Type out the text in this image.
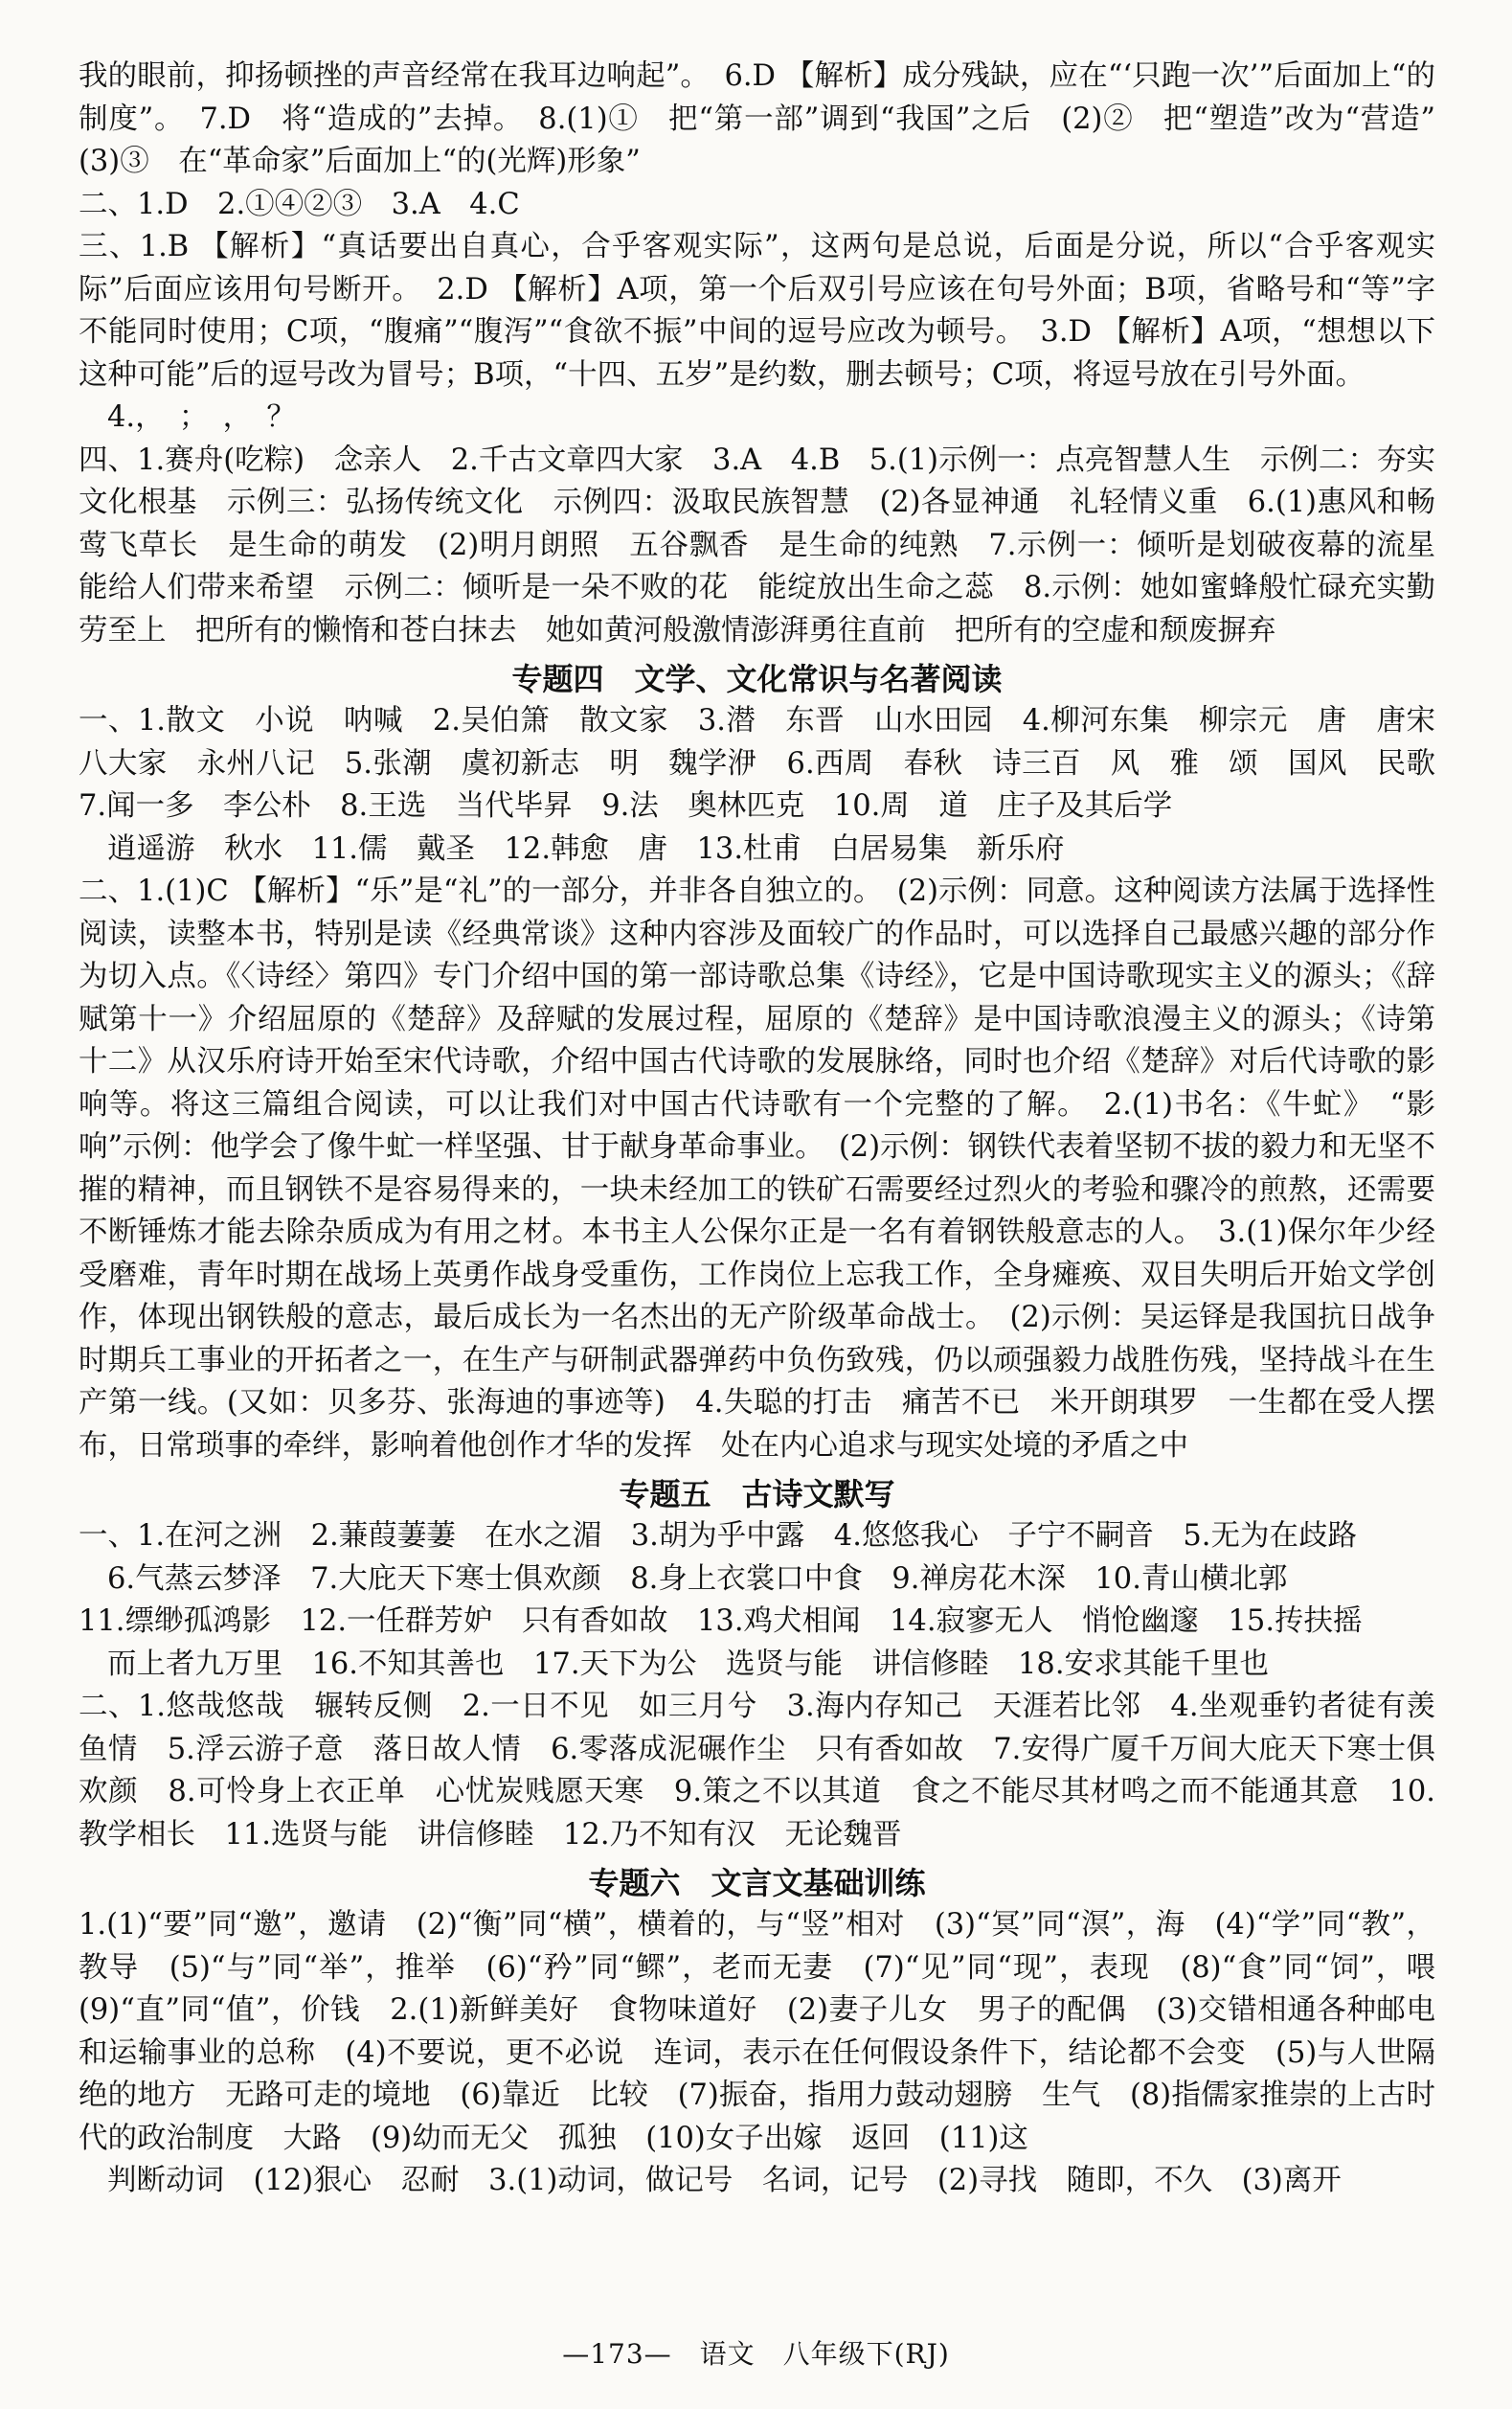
我的眼前，抑扬顿挫的声音经常在我耳边响起”。　6.D 【解析】成分残缺，应在“‘只跑一次’”后面加上“的制度”。　7.D　将“造成的”去掉。　8.(1)①　把“第一部”调到“我国”之后　(2)②　把“塑造”改为“营造”　(3)③　在“革命家”后面加上“的(光辉)形象”
二、1.D　2.①④②③　3.A　4.C
三、1.B 【解析】“真话要出自真心，合乎客观实际”，这两句是总说，后面是分说，所以“合乎客观实际”后面应该用句号断开。　2.D 【解析】A项，第一个后双引号应该在句号外面；B项，省略号和“等”字不能同时使用；C项，“腹痛”“腹泻”“食欲不振”中间的逗号应改为顿号。　3.D 【解析】A项，“想想以下这种可能”后的逗号改为冒号；B项，“十四、五岁”是约数，删去顿号；C项，将逗号放在引号外面。
4.，　；　，　？
四、1.赛舟(吃粽)　念亲人　2.千古文章四大家　3.A　4.B　5.(1)示例一：点亮智慧人生　示例二：夯实文化根基　示例三：弘扬传统文化　示例四：汲取民族智慧　(2)各显神通　礼轻情义重　6.(1)惠风和畅　莺飞草长　是生命的萌发　(2)明月朗照　五谷飘香　是生命的纯熟　7.示例一：倾听是划破夜幕的流星　能给人们带来希望　示例二：倾听是一朵不败的花　能绽放出生命之蕊　8.示例：她如蜜蜂般忙碌充实勤劳至上　把所有的懒惰和苍白抹去　她如黄河般激情澎湃勇往直前　把所有的空虚和颓废摒弃
专题四　文学、文化常识与名著阅读
一、1.散文　小说　呐喊　2.吴伯箫　散文家　3.潜　东晋　山水田园　4.柳河东集　柳宗元　唐　唐宋八大家　永州八记　5.张潮　虞初新志　明　魏学洢　6.西周　春秋　诗三百　风　雅　颂　国风　民歌　7.闻一多　李公朴　8.王选　当代毕昇　9.法　奥林匹克　10.周　道　庄子及其后学
逍遥游　秋水　11.儒　戴圣　12.韩愈　唐　13.杜甫　白居易集　新乐府
二、1.(1)C 【解析】“乐”是“礼”的一部分，并非各自独立的。　(2)示例：同意。这种阅读方法属于选择性阅读，读整本书，特别是读《经典常谈》这种内容涉及面较广的作品时，可以选择自己最感兴趣的部分作为切入点。《〈诗经〉第四》专门介绍中国的第一部诗歌总集《诗经》，它是中国诗歌现实主义的源头；《辞赋第十一》介绍屈原的《楚辞》及辞赋的发展过程，屈原的《楚辞》是中国诗歌浪漫主义的源头；《诗第十二》从汉乐府诗开始至宋代诗歌，介绍中国古代诗歌的发展脉络，同时也介绍《楚辞》对后代诗歌的影响等。将这三篇组合阅读，可以让我们对中国古代诗歌有一个完整的了解。　2.(1)书名：《牛虻》　“影响”示例：他学会了像牛虻一样坚强、甘于献身革命事业。　(2)示例：钢铁代表着坚韧不拔的毅力和无坚不摧的精神，而且钢铁不是容易得来的，一块未经加工的铁矿石需要经过烈火的考验和骤冷的煎熬，还需要不断锤炼才能去除杂质成为有用之材。本书主人公保尔正是一名有着钢铁般意志的人。　3.(1)保尔年少经受磨难，青年时期在战场上英勇作战身受重伤，工作岗位上忘我工作，全身瘫痪、双目失明后开始文学创作，体现出钢铁般的意志，最后成长为一名杰出的无产阶级革命战士。　(2)示例：吴运铎是我国抗日战争时期兵工事业的开拓者之一，在生产与研制武器弹药中负伤致残，仍以顽强毅力战胜伤残，坚持战斗在生产第一线。(又如：贝多芬、张海迪的事迹等)　4.失聪的打击　痛苦不已　米开朗琪罗　一生都在受人摆布，日常琐事的牵绊，影响着他创作才华的发挥　处在内心追求与现实处境的矛盾之中
专题五　古诗文默写
一、1.在河之洲　2.蒹葭萋萋　在水之湄　3.胡为乎中露　4.悠悠我心　子宁不嗣音　5.无为在歧路
6.气蒸云梦泽　7.大庇天下寒士俱欢颜　8.身上衣裳口中食　9.禅房花木深　10.青山横北郭
11.缥缈孤鸿影　12.一任群芳妒　只有香如故　13.鸡犬相闻　14.寂寥无人　悄怆幽邃　15.抟扶摇
而上者九万里　16.不知其善也　17.天下为公　选贤与能　讲信修睦　18.安求其能千里也
二、1.悠哉悠哉　辗转反侧　2.一日不见　如三月兮　3.海内存知己　天涯若比邻　4.坐观垂钓者徒有羡鱼情　5.浮云游子意　落日故人情　6.零落成泥碾作尘　只有香如故　7.安得广厦千万间大庇天下寒士俱欢颜　8.可怜身上衣正单　心忧炭贱愿天寒　9.策之不以其道　食之不能尽其材鸣之而不能通其意　10.教学相长　11.选贤与能　讲信修睦　12.乃不知有汉　无论魏晋
专题六　文言文基础训练
1.(1)“要”同“邀”，邀请　(2)“衡”同“横”，横着的，与“竖”相对　(3)“冥”同“溟”，海　(4)“学”同“教”，教导　(5)“与”同“举”，推举　(6)“矜”同“鳏”，老而无妻　(7)“见”同“现”，表现　(8)“食”同“饲”，喂　(9)“直”同“值”，价钱　2.(1)新鲜美好　食物味道好　(2)妻子儿女　男子的配偶　(3)交错相通各种邮电和运输事业的总称　(4)不要说，更不必说　连词，表示在任何假设条件下，结论都不会变　(5)与人世隔绝的地方　无路可走的境地　(6)靠近　比较　(7)振奋，指用力鼓动翅膀　生气　(8)指儒家推崇的上古时代的政治制度　大路　(9)幼而无父　孤独　(10)女子出嫁　返回　(11)这
判断动词　(12)狠心　忍耐　3.(1)动词，做记号　名词，记号　(2)寻找　随即，不久　(3)离开
—173—　语文　八年级下(RJ)
